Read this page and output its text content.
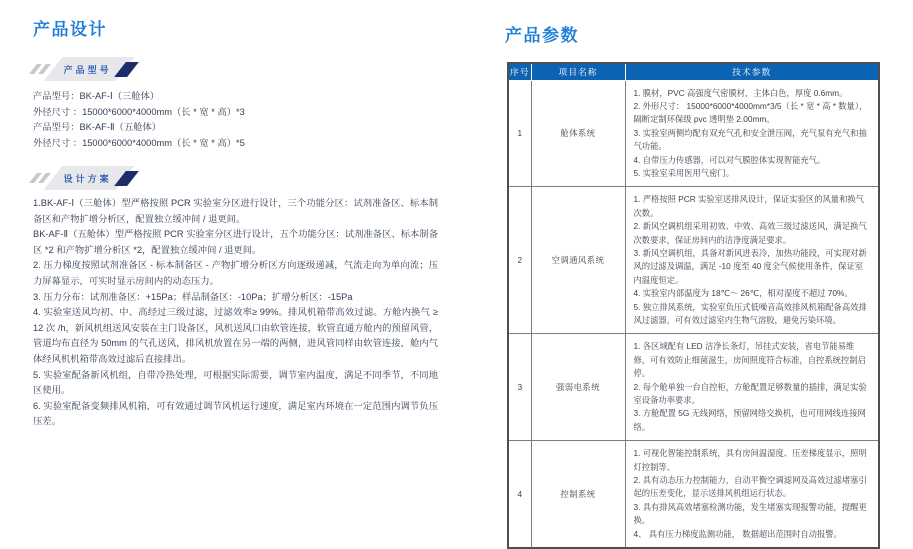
产品设计
产品型号
产品型号：BK-AF-Ⅰ（三舱体）
外径尺寸 ：15000*6000*4000mm（长 * 宽 * 高）*3
产品型号：BK-AF-Ⅱ（五舱体）
外径尺寸 ：15000*6000*4000mm（长 * 宽 * 高）*5
设计方案
1.BK-AF-Ⅰ（三舱体）型严格按照 PCR 实验室分区进行设计，三个功能分区：试剂准备区、标本制备区和产物扩增分析区，配置独立缓冲间 / 退更间。
BK-AF-Ⅱ（五舱体）型严格按照 PCR 实验室分区进行设计，五个功能分区：试剂准备区、标本制备区 *2 和产物扩增分析区 *2，配置独立缓冲间 / 退更间。
2. 压力梯度按照试剂准备区 - 标本制备区 - 产物扩增分析区方向逐级递减，气流走向为单向流；压力屏幕显示，可实时显示房间内的动态压力。
3. 压力分布：试剂准备区：+15Pa；样品制备区：-10Pa；扩增分析区：-15Pa
4. 实验室送风均初、中、高经过三级过滤，过滤效率≥ 99%。排风机箱带高效过滤。方舱内换气 ≥ 12 次 /h，新风机组送风安装在主门设备区，风机送风口由软管连接，软管直通方舱内的预留风管，管道均布直径为 50mm 的气孔送风，排风机放置在另一端的两侧，进风管同样由软管连接，舱内气体经风机机箱带高效过滤后直接排出。
5. 实验室配备新风机组，自带冷热处理，可根据实际需要，调节室内温度，满足不同季节，不同地区使用。
6. 实验室配备变频排风机箱，可有效通过调节风机运行速度，满足室内环境在一定范围内调节负压压差。
产品参数
序号	项目名称	技术参数
1	舱体系统	1. 膜材，PVC 高强度气密膜材，主体白色，厚度 0.6mm。
2. 外形尺寸： 15000*6000*4000mm*3/5（长 * 宽 * 高 * 数量），隔断定制环保级 pvc 透明垫 2.00mm。
3. 实验室两侧均配有双充气孔和安全泄压阀，充气泵有充气和抽气功能。
4. 自带压力传感器，可以对气膜腔体实现智能充气。
5. 实验室采用医用气密门。

2	空调通风系统	1. 严格按照 PCR 实验室送排风设计，保证实验区的风量和换气次数。
2. 新风空调机组采用初效、中效、高效三级过滤送风，满足换气次数要求，保证房间内的洁净度满足要求。
3. 新风空调机组，具备对新风进表冷，加热功能段，可实现对新风的过滤及调温，满足 -10 度至 40 度全气候使用条件，保证室内温度恒定。
4. 实验室内部温度为 18℃～ 26℃，相对湿度不超过 70%。
5. 独立排风系统，实验室负压式低噪音高效排风机箱配备高效排风过滤器，可有效过滤室内生物气溶胶，避免污染环境。

3	强弱电系统	1. 各区域配有 LED 洁净长条灯，吊挂式安装，省电节能易维修，可有效防止细菌滋生，房间照度符合标准，自控系统控制启停。
2. 每个舱单独一台自控柜，方舱配置足够数量的插排，满足实验室设备功率要求。
3. 方舱配置 5G 无线网络，预留网络交换机，也可用网线连接网络。

4	控制系统	1. 可视化智能控制系统，具有房间温湿度、压差梯度显示，照明灯控制等。
2. 具有动态压力控制能力，自动平衡空调滤网及高效过滤堵塞引起的压差变化，显示送排风机组运行状态。
3. 具有排风高效堵塞检测功能，发生堵塞实现报警功能，提醒更换。
4、 具有压力梯度监测功能， 数据超出范围时自动报警。
